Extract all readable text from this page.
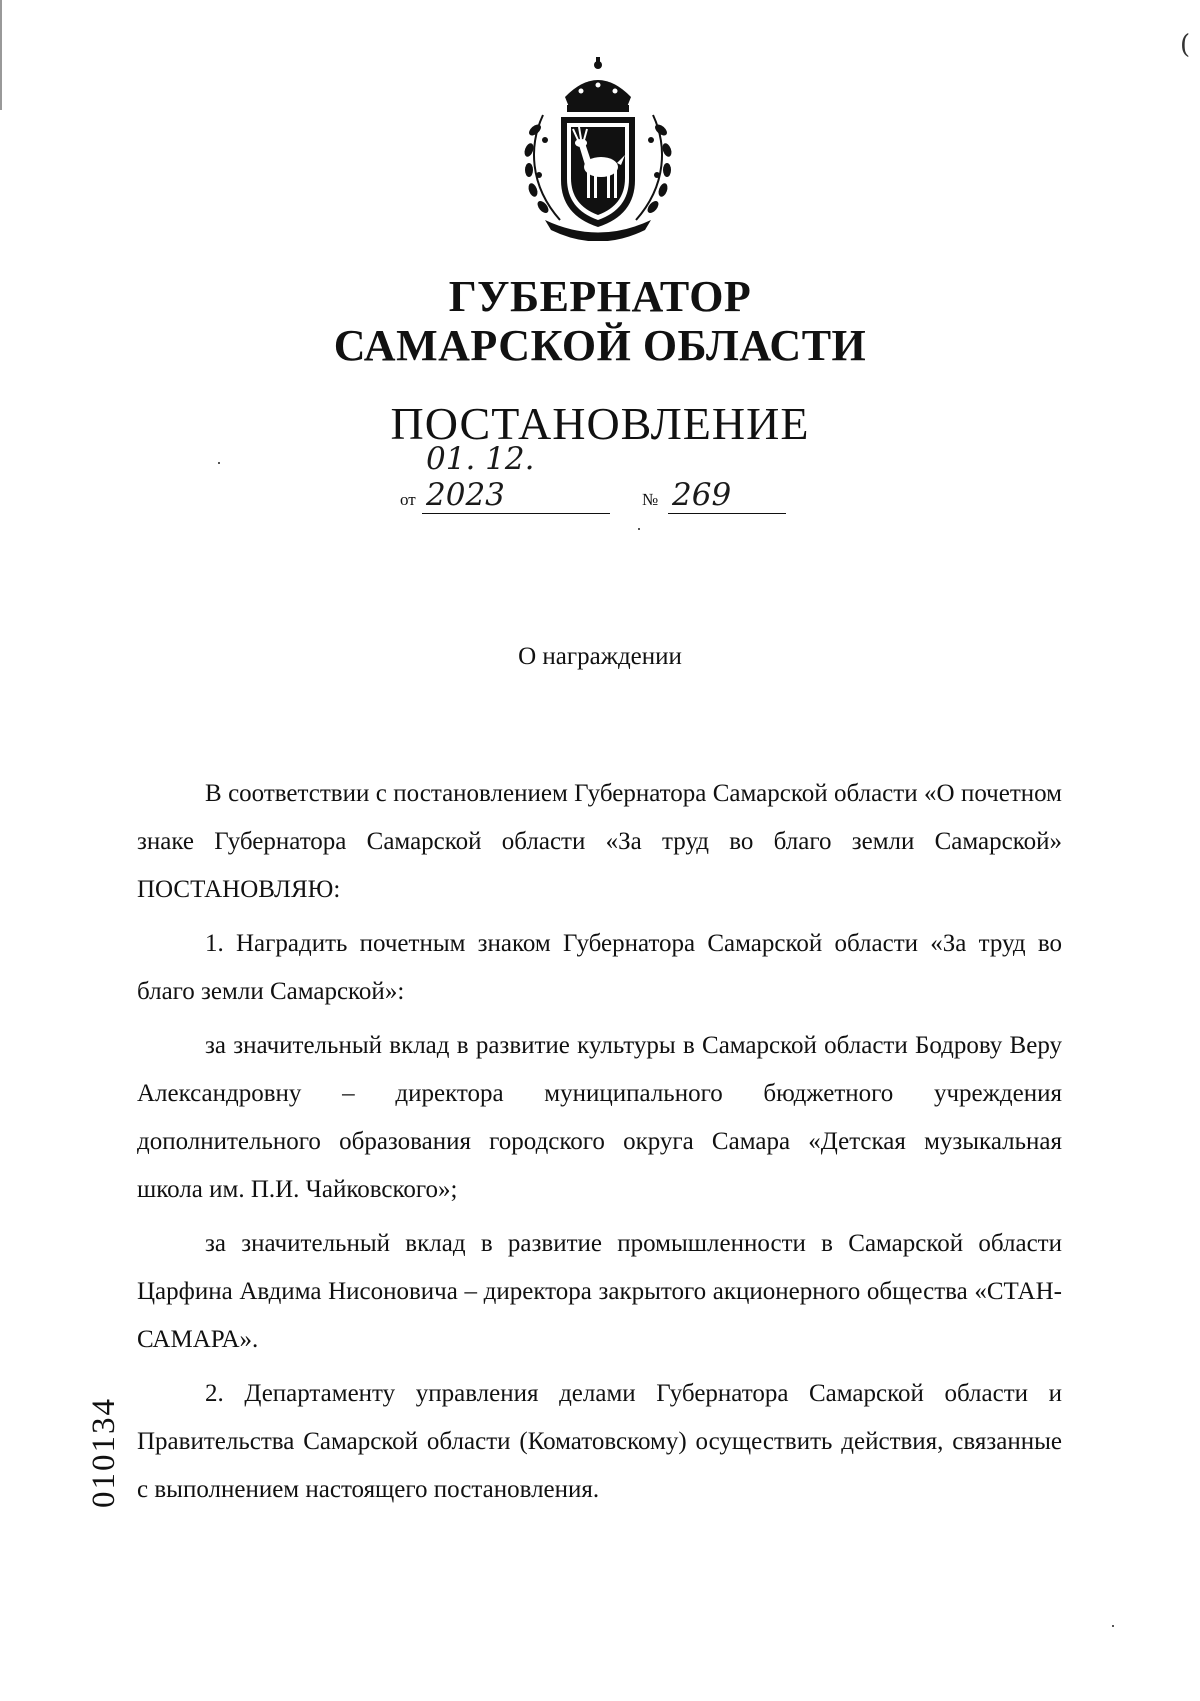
(
ГУБЕРНАТОР
САМАРСКОЙ ОБЛАСТИ
ПОСТАНОВЛЕНИЕ
от
01. 12. 2023	№ 269
О награждении

В соответствии с постановлением Губернатора Самарской области «О почетном знаке Губернатора Самарской области «За труд во благо земли Самарской» ПОСТАНОВЛЯЮ:

1. Наградить почетным знаком Губернатора Самарской области «За труд во благо земли Самарской»:

за значительный вклад в развитие культуры в Самарской области Бодрову Веру Александровну – директора муниципального бюджетного учреждения дополнительного образования городского округа Самара «Детская музыкальная школа им. П.И. Чайковского»;

за значительный вклад в развитие промышленности в Самарской области Царфина Авдима Нисоновича – директора закрытого акционерного общества «СТАН-САМАРА».

2. Департаменту управления делами Губернатора Самарской области и Правительства Самарской области (Коматовскому) осуществить действия, связанные с выполнением настоящего постановления.

010134
